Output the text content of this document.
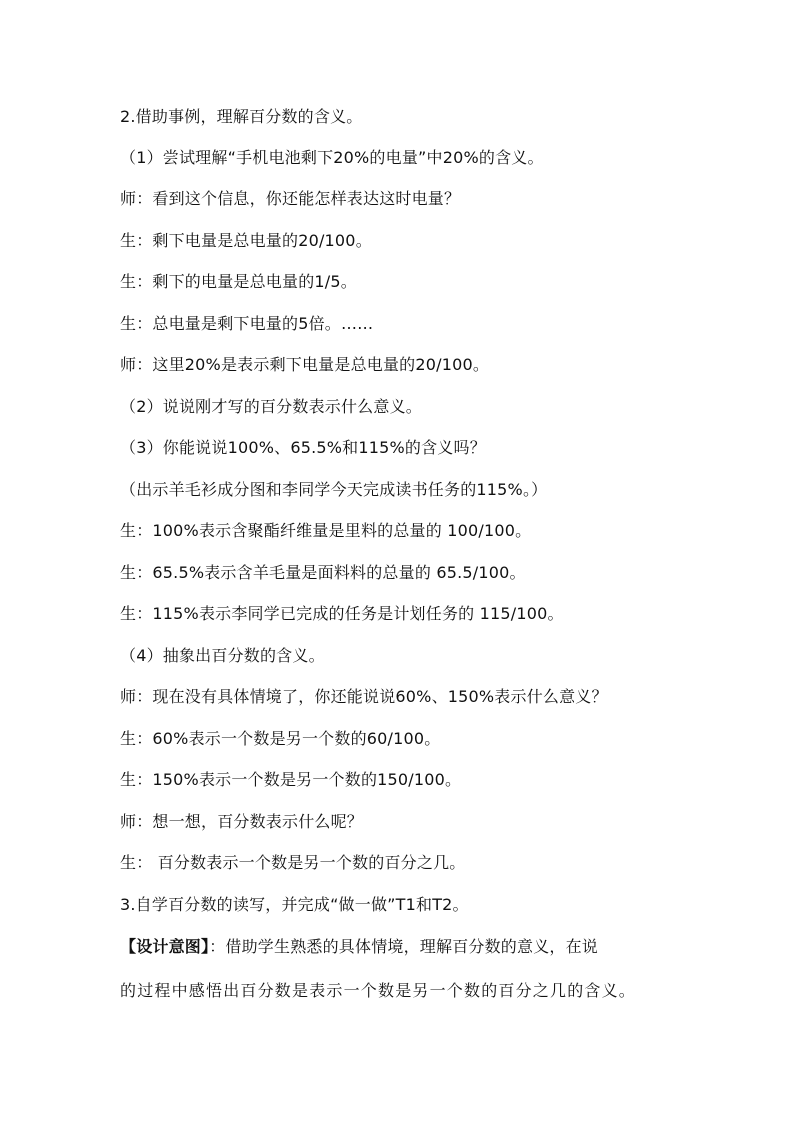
2.借助事例，理解百分数的含义。
（1）尝试理解“手机电池剩下20%的电量”中20%的含义。
师：看到这个信息，你还能怎样表达这时电量？
生：剩下电量是总电量的20/100。
生：剩下的电量是总电量的1/5。
生：总电量是剩下电量的5倍。……
师：这里20%是表示剩下电量是总电量的20/100。
（2）说说刚才写的百分数表示什么意义。
（3）你能说说100%、65.5%和115%的含义吗？
（出示羊毛衫成分图和李同学今天完成读书任务的115%。）
生：100%表示含聚酯纤维量是里料的总量的 100/100。
生：65.5%表示含羊毛量是面料料的总量的 65.5/100。
生：115%表示李同学已完成的任务是计划任务的 115/100。
（4）抽象出百分数的含义。
师：现在没有具体情境了，你还能说说60%、150%表示什么意义？
生：60%表示一个数是另一个数的60/100。
生：150%表示一个数是另一个数的150/100。
师：想一想，百分数表示什么呢？
生： 百分数表示一个数是另一个数的百分之几。
3.自学百分数的读写，并完成“做一做”T1和T2。
【设计意图】：借助学生熟悉的具体情境，理解百分数的意义，在说
的过程中感悟出百分数是表示一个数是另一个数的百分之几的含义。
